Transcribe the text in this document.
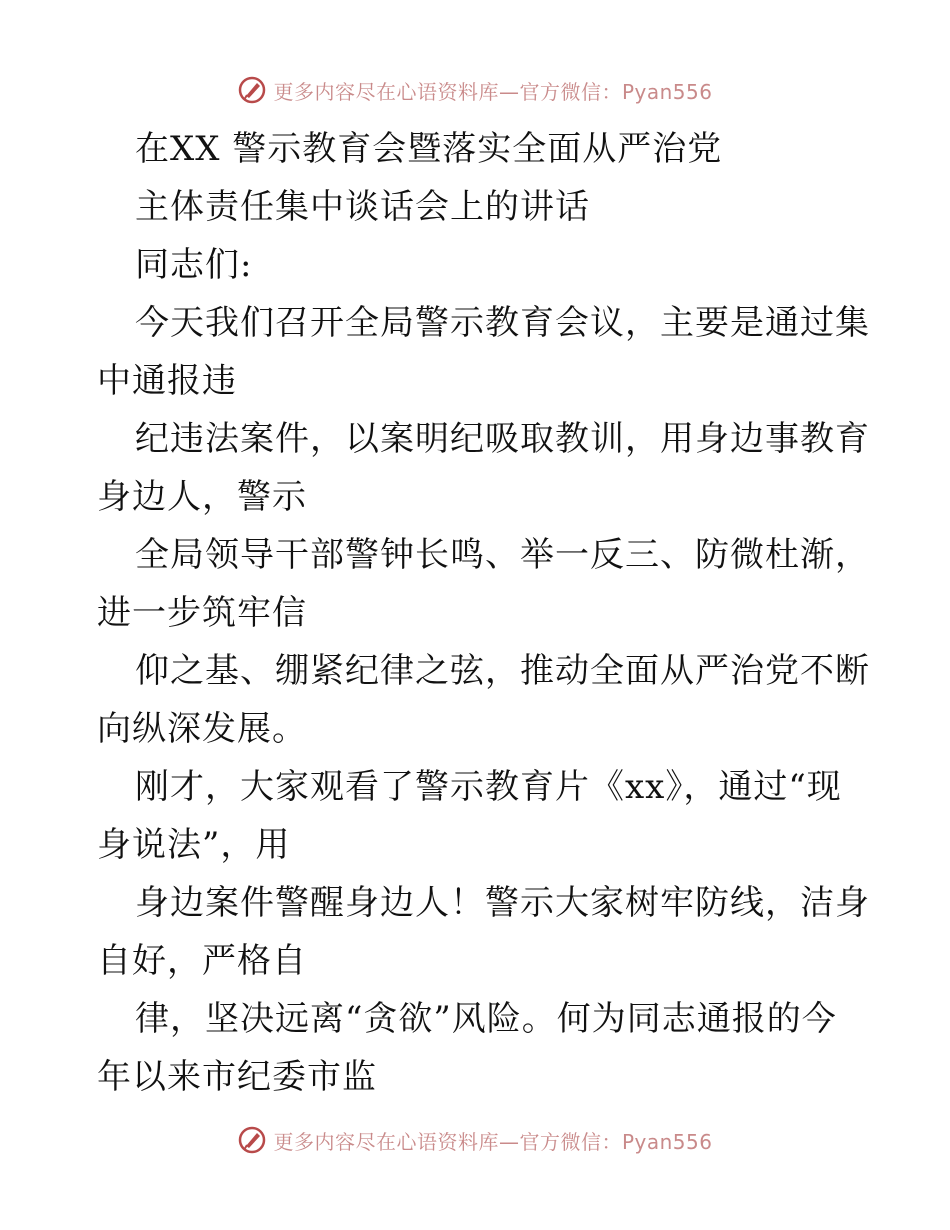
更多内容尽在心语资料库—官方微信：Pyan556
在XX 警示教育会暨落实全面从严治党
主体责任集中谈话会上的讲话
同志们:
今天我们召开全局警示教育会议，主要是通过集
中通报违
纪违法案件，以案明纪吸取教训，用身边事教育
身边人，警示
全局领导干部警钟长鸣、举一反三、防微杜渐，
进一步筑牢信
仰之基、绷紧纪律之弦，推动全面从严治党不断
向纵深发展。
刚才，大家观看了警示教育片《xx》，通过“现
身说法”，用
身边案件警醒身边人！警示大家树牢防线，洁身
自好，严格自
律，坚决远离“贪欲”风险。何为同志通报的今
年以来市纪委市监
更多内容尽在心语资料库—官方微信：Pyan556
